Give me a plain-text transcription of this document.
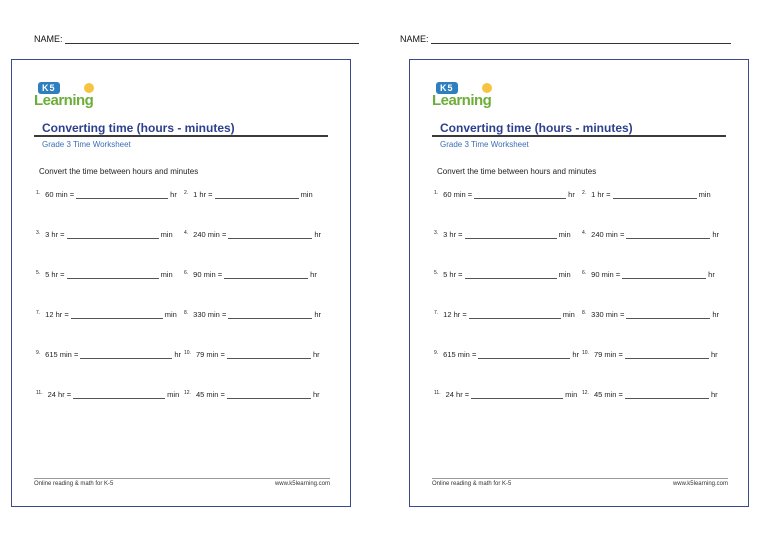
NAME:
K5
Learning
Converting time (hours - minutes)
Grade 3 Time Worksheet
Convert the time between hours and minutes
1. 60 min =	hr 2. 1 hr =	min
3. 3 hr =	min 4. 240 min =	hr
5. 5 hr =	min 6. 90 min =	hr
7. 12 hr =	min 8. 330 min =	hr
9. 615 min =	hr 10. 79 min =	hr
11. 24 hr =	min 12. 45 min =	hr
Online reading & math for K-5	www.k5learning.com
NAME:
K5
Learning
Converting time (hours - minutes)
Grade 3 Time Worksheet
Convert the time between hours and minutes
1. 60 min =	hr 2. 1 hr =	min
3. 3 hr =	min 4. 240 min =	hr
5. 5 hr =	min 6. 90 min =	hr
7. 12 hr =	min 8. 330 min =	hr
9. 615 min =	hr 10. 79 min =	hr
11. 24 hr =	min 12. 45 min =	hr
Online reading & math for K-5	www.k5learning.com
